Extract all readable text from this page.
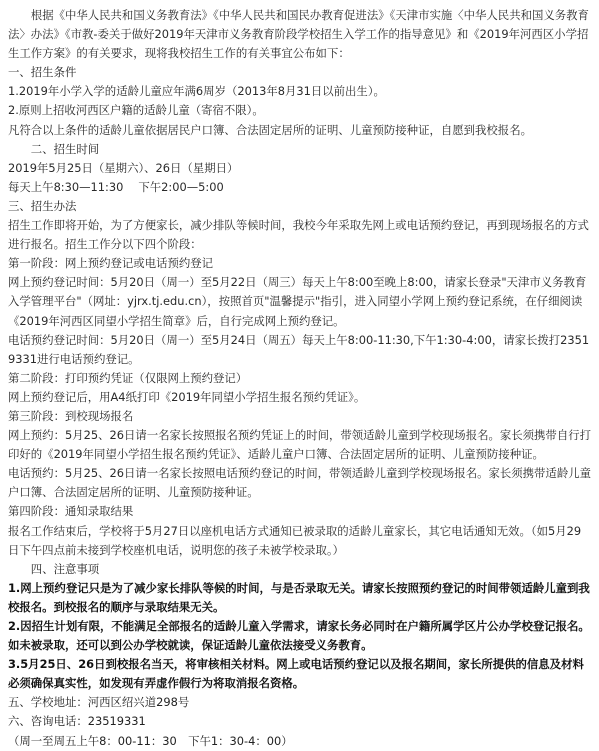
根据《中华人民共和国义务教育法》《中华人民共和国民办教育促进法》《天津市实施〈中华人民共和国义务教育法〉办法》《市教-委关于做好2019年天津市义务教育阶段学校招生入学工作的指导意见》和《2019年河西区小学招生工作方案》的有关要求，现将我校招生工作的有关事宜公布如下：

一、招生条件

1.2019年小学入学的适龄儿童应年满6周岁（2013年8月31日以前出生）。

2.原则上招收河西区户籍的适龄儿童（寄宿不限）。

凡符合以上条件的适龄儿童依据居民户口簿、合法固定居所的证明、儿童预防接种证，自愿到我校报名。

二、招生时间

2019年5月25日（星期六）、26日（星期日）

每天上午8:30—11:30　 下午2:00—5:00

三、招生办法

招生工作即将开始，为了方便家长，减少排队等候时间，我校今年采取先网上或电话预约登记，再到现场报名的方式进行报名。招生工作分以下四个阶段：

第一阶段：网上预约登记或电话预约登记

网上预约登记时间：5月20日（周一）至5月22日（周三）每天上午8:00至晚上8:00，请家长登录"天津市义务教育入学管理平台"（网址：yjrx.tj.edu.cn），按照首页"温馨提示"指引，进入同望小学网上预约登记系统，在仔细阅读《2019年河西区同望小学招生简章》后，自行完成网上预约登记。

电话预约登记时间：5月20日（周一）至5月24日（周五）每天上午8:00-11:30,下午1:30-4:00，请家长拨打23519331进行电话预约登记。

第二阶段：打印预约凭证（仅限网上预约登记）

网上预约登记后，用A4纸打印《2019年同望小学招生报名预约凭证》。

第三阶段：到校现场报名

网上预约：5月25、26日请一名家长按照报名预约凭证上的时间，带领适龄儿童到学校现场报名。家长须携带自行打印好的《2019年同望小学招生报名预约凭证》、适龄儿童户口簿、合法固定居所的证明、儿童预防接种证。

电话预约：5月25、26日请一名家长按照电话预约登记的时间，带领适龄儿童到学校现场报名。家长须携带适龄儿童户口簿、合法固定居所的证明、儿童预防接种证。

第四阶段：通知录取结果

报名工作结束后，学校将于5月27日以座机电话方式通知已被录取的适龄儿童家长，其它电话通知无效。（如5月29日下午四点前未接到学校座机电话，说明您的孩子未被学校录取。）

四、注意事项

1.网上预约登记只是为了减少家长排队等候的时间，与是否录取无关。请家长按照预约登记的时间带领适龄儿童到我校报名。到校报名的顺序与录取结果无关。

2.因招生计划有限，不能满足全部报名的适龄儿童入学需求，请家长务必同时在户籍所属学区片公办学校登记报名。如未被录取，还可以到公办学校就读，保证适龄儿童依法接受义务教育。

3.5月25日、26日到校报名当天，将审核相关材料。网上或电话预约登记以及报名期间，家长所提供的信息及材料必须确保真实性，如发现有弄虚作假行为将取消报名资格。

五、学校地址：河西区绍兴道298号

六、咨询电话：23519331

（周一至周五上午8：00-11：30　下午1：30-4：00）
